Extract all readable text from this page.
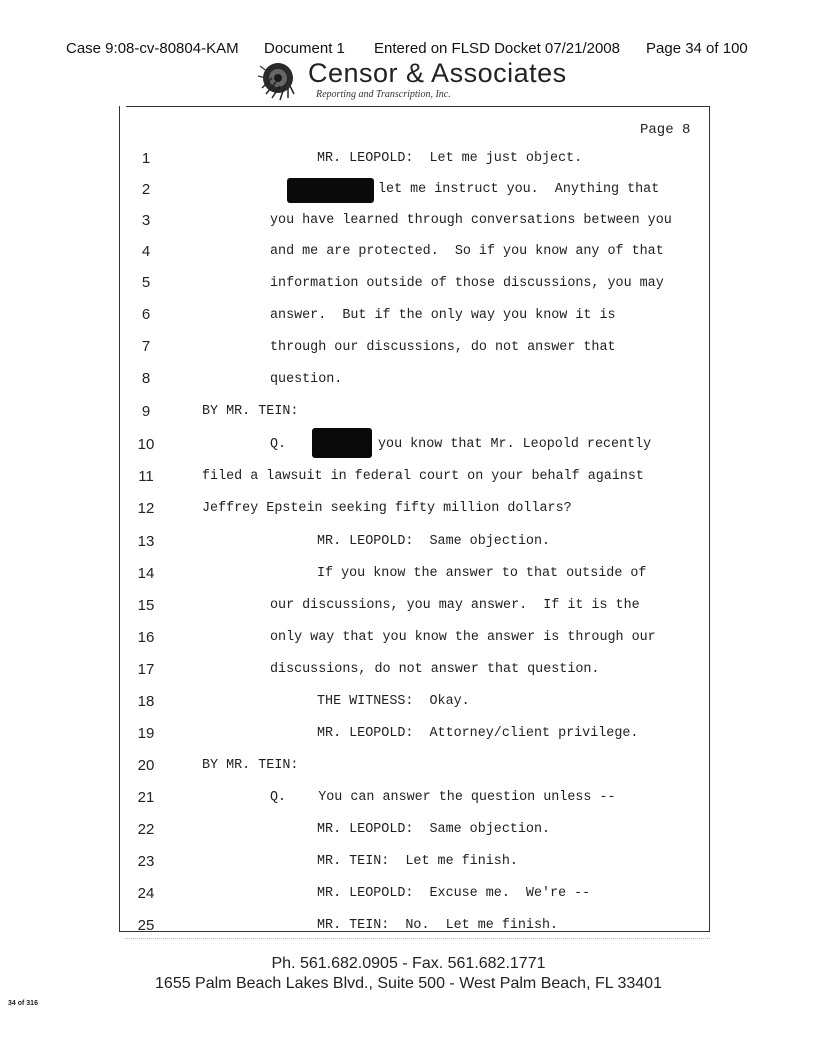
Case 9:08-cv-80804-KAM Document 1 Entered on FLSD Docket 07/21/2008 Page 34 of 100
Censor & Associates
Reporting and Transcription, Inc.
Page 8
1
2
3
4
5
6
7
8
9
10
11
12
13
14
15
16
17
18
19
20
21
22
23
24
25
MR. LEOPOLD:  Let me just object.
let me instruct you.  Anything that
you have learned through conversations between you
and me are protected.  So if you know any of that
information outside of those discussions, you may
answer.  But if the only way you know it is
through our discussions, do not answer that
question.
BY MR. TEIN:
Q.	you know that Mr. Leopold recently
filed a lawsuit in federal court on your behalf against
Jeffrey Epstein seeking fifty million dollars?
MR. LEOPOLD:  Same objection.
If you know the answer to that outside of
our discussions, you may answer.  If it is the
only way that you know the answer is through our
discussions, do not answer that question.
THE WITNESS:  Okay.
MR. LEOPOLD:  Attorney/client privilege.
BY MR. TEIN:
Q.    You can answer the question unless --
MR. LEOPOLD:  Same objection.
MR. TEIN:  Let me finish.
MR. LEOPOLD:  Excuse me.  We're --
MR. TEIN:  No.  Let me finish.
Ph. 561.682.0905 - Fax. 561.682.1771
1655 Palm Beach Lakes Blvd., Suite 500 - West Palm Beach, FL 33401
34 of 316
